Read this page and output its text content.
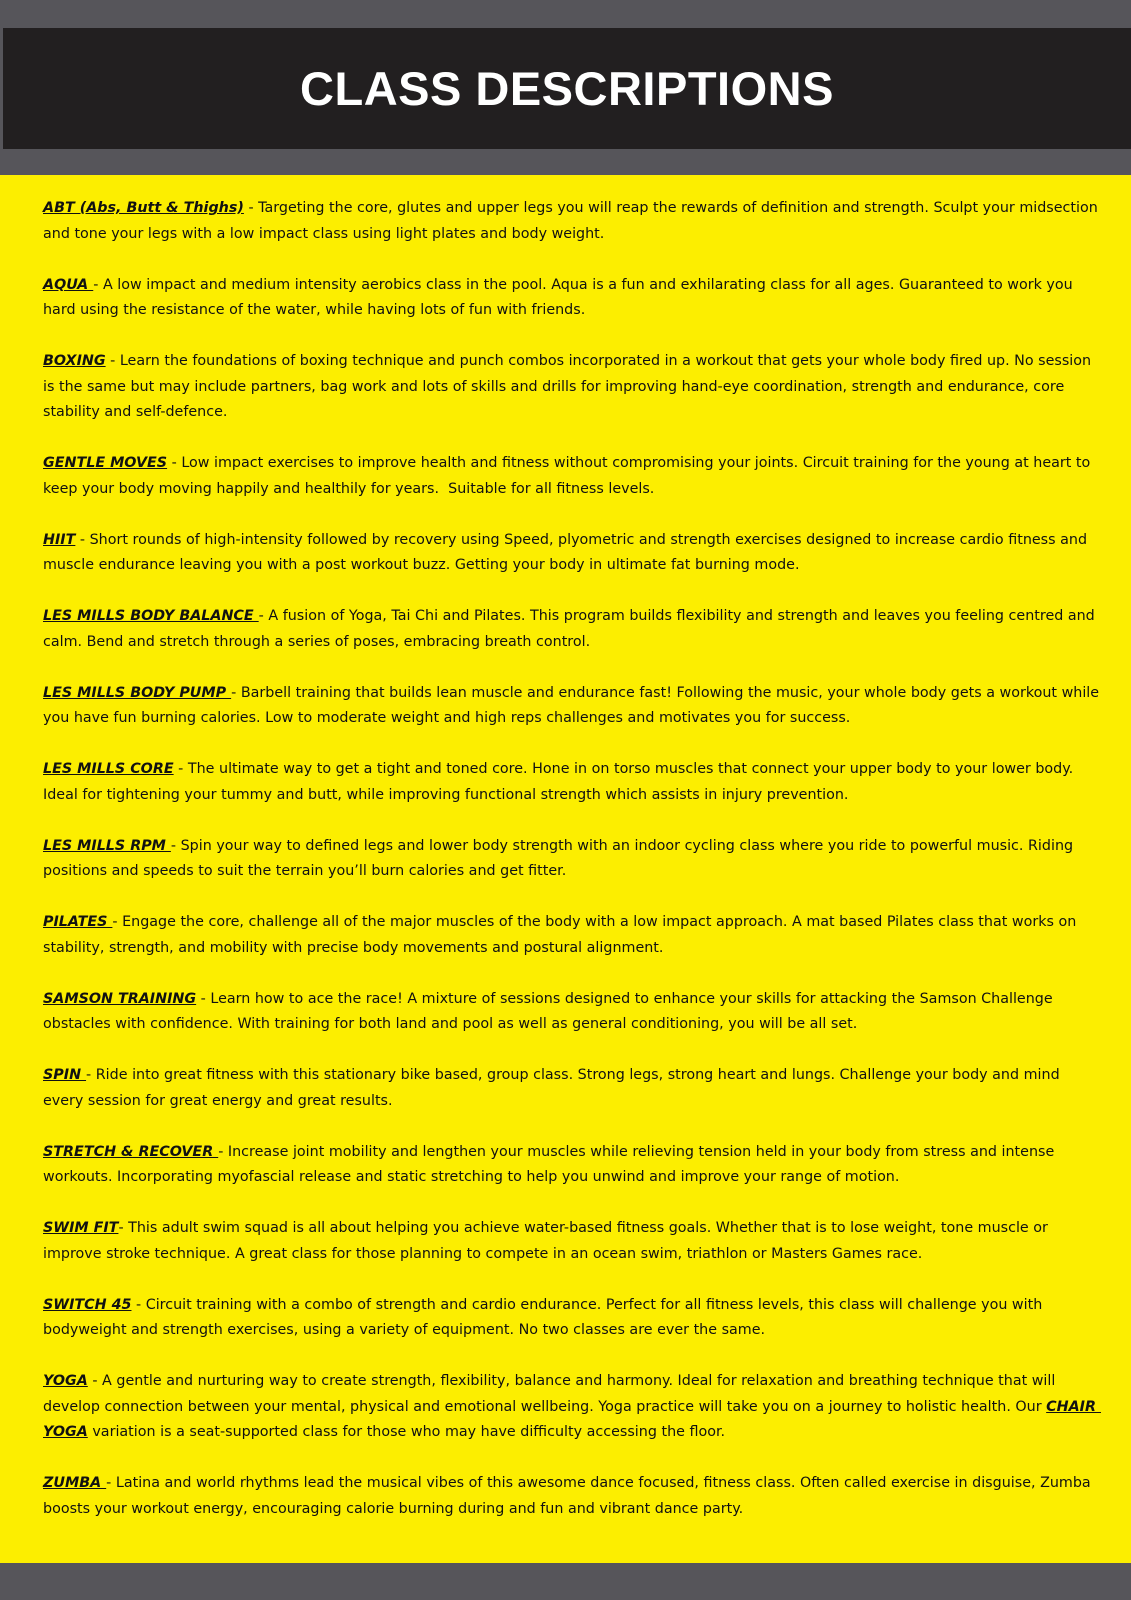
CLASS DESCRIPTIONS

ABT (Abs, Butt & Thighs) - Targeting the core, glutes and upper legs you will reap the rewards of definition and strength. Sculpt your midsection and tone your legs with a low impact class using light plates and body weight.

AQUA - A low impact and medium intensity aerobics class in the pool. Aqua is a fun and exhilarating class for all ages. Guaranteed to work you hard using the resistance of the water, while having lots of fun with friends.

BOXING - Learn the foundations of boxing technique and punch combos incorporated in a workout that gets your whole body fired up. No session is the same but may include partners, bag work and lots of skills and drills for improving hand-eye coordination, strength and endurance, core stability and self-defence.

GENTLE MOVES - Low impact exercises to improve health and fitness without compromising your joints. Circuit training for the young at heart to keep your body moving happily and healthily for years.  Suitable for all fitness levels.

HIIT - Short rounds of high-intensity followed by recovery using Speed, plyometric and strength exercises designed to increase cardio fitness and muscle endurance leaving you with a post workout buzz. Getting your body in ultimate fat burning mode.

LES MILLS BODY BALANCE - A fusion of Yoga, Tai Chi and Pilates. This program builds flexibility and strength and leaves you feeling centred and calm. Bend and stretch through a series of poses, embracing breath control.

LES MILLS BODY PUMP - Barbell training that builds lean muscle and endurance fast! Following the music, your whole body gets a workout while you have fun burning calories. Low to moderate weight and high reps challenges and motivates you for success.

LES MILLS CORE - The ultimate way to get a tight and toned core. Hone in on torso muscles that connect your upper body to your lower body. Ideal for tightening your tummy and butt, while improving functional strength which assists in injury prevention.

LES MILLS RPM - Spin your way to defined legs and lower body strength with an indoor cycling class where you ride to powerful music. Riding positions and speeds to suit the terrain you’ll burn calories and get fitter.

PILATES - Engage the core, challenge all of the major muscles of the body with a low impact approach. A mat based Pilates class that works on stability, strength, and mobility with precise body movements and postural alignment.

SAMSON TRAINING - Learn how to ace the race! A mixture of sessions designed to enhance your skills for attacking the Samson Challenge obstacles with confidence. With training for both land and pool as well as general conditioning, you will be all set.

SPIN - Ride into great fitness with this stationary bike based, group class. Strong legs, strong heart and lungs. Challenge your body and mind every session for great energy and great results.

STRETCH & RECOVER - Increase joint mobility and lengthen your muscles while relieving tension held in your body from stress and intense workouts. Incorporating myofascial release and static stretching to help you unwind and improve your range of motion.

SWIM FIT- This adult swim squad is all about helping you achieve water-based fitness goals. Whether that is to lose weight, tone muscle or improve stroke technique. A great class for those planning to compete in an ocean swim, triathlon or Masters Games race.

SWITCH 45 - Circuit training with a combo of strength and cardio endurance. Perfect for all fitness levels, this class will challenge you with bodyweight and strength exercises, using a variety of equipment. No two classes are ever the same.

YOGA - A gentle and nurturing way to create strength, flexibility, balance and harmony. Ideal for relaxation and breathing technique that will develop connection between your mental, physical and emotional wellbeing. Yoga practice will take you on a journey to holistic health. Our CHAIR YOGA variation is a seat-supported class for those who may have difficulty accessing the floor.

ZUMBA - Latina and world rhythms lead the musical vibes of this awesome dance focused, fitness class. Often called exercise in disguise, Zumba boosts your workout energy, encouraging calorie burning during and fun and vibrant dance party.
